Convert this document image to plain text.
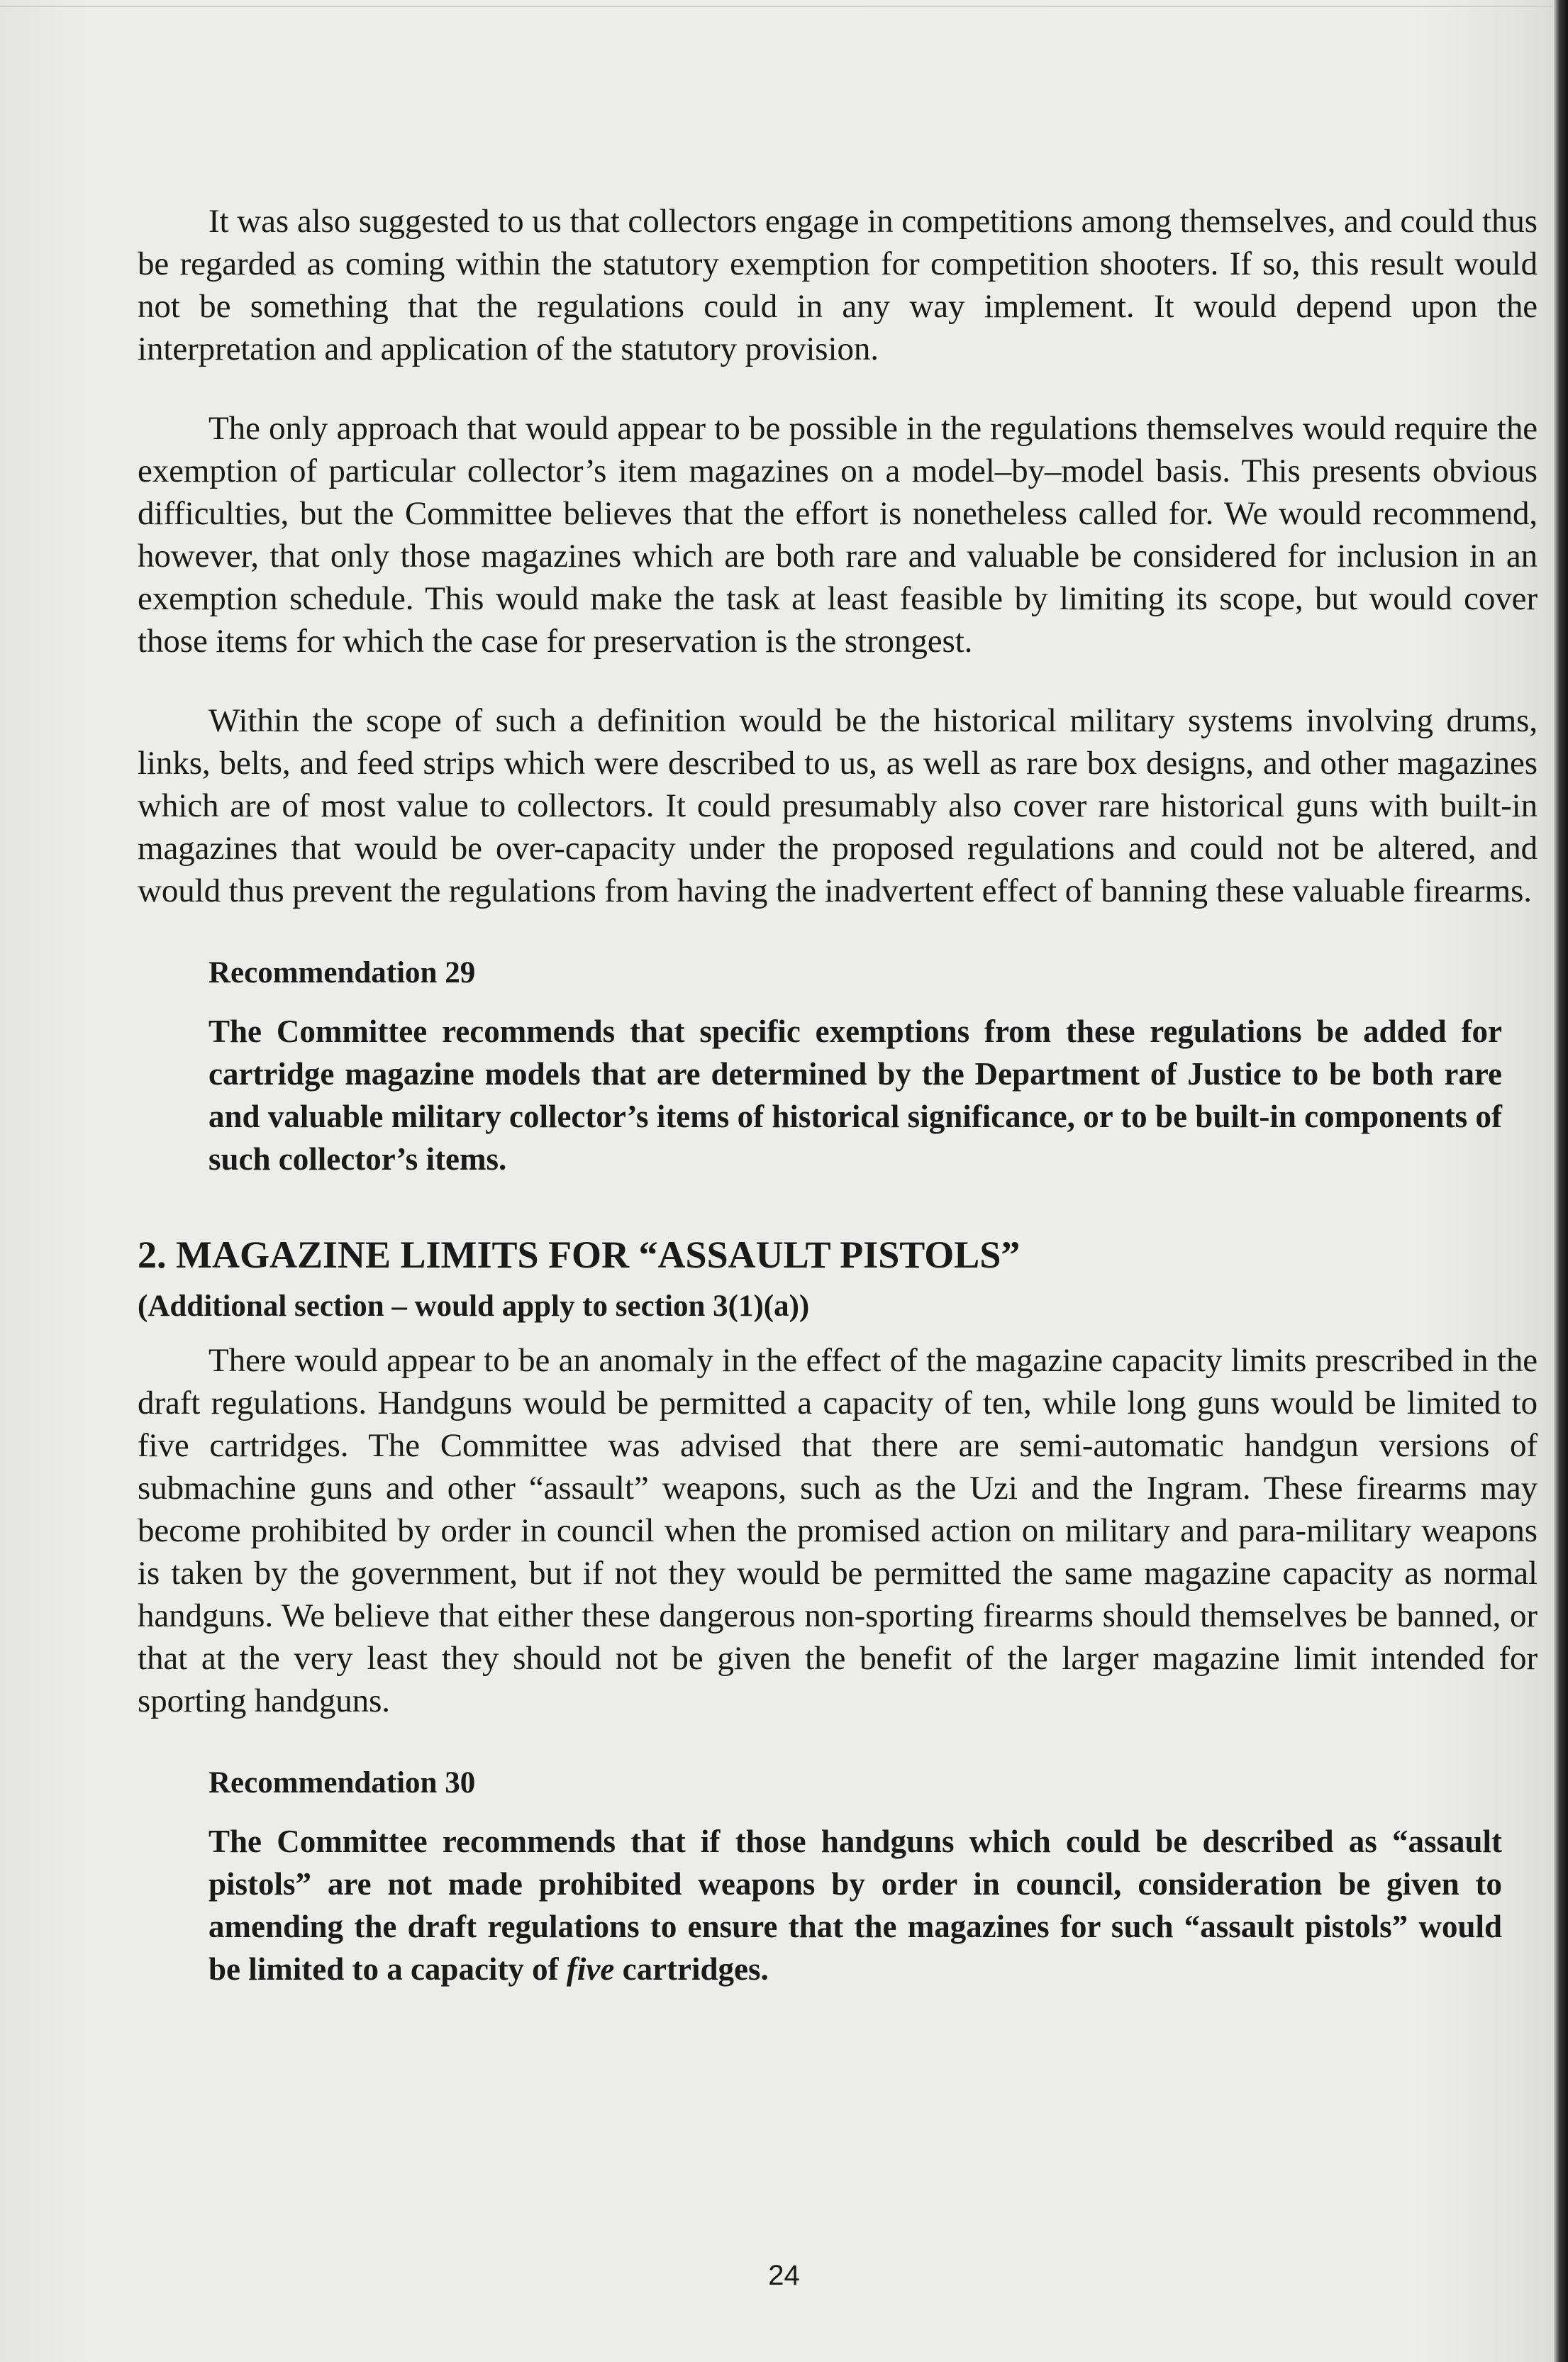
It was also suggested to us that collectors engage in competitions among themselves, and could thus be regarded as coming within the statutory exemption for competition shooters. If so, this result would not be something that the regulations could in any way implement. It would depend upon the interpretation and application of the statutory provision.

The only approach that would appear to be possible in the regulations themselves would require the exemption of particular collector’s item magazines on a model–by–model basis. This presents obvious difficulties, but the Committee believes that the effort is nonetheless called for. We would recommend, however, that only those magazines which are both rare and valuable be considered for inclusion in an exemption schedule. This would make the task at least feasible by limiting its scope, but would cover those items for which the case for preservation is the strongest.

Within the scope of such a definition would be the historical military systems involving drums, links, belts, and feed strips which were described to us, as well as rare box designs, and other magazines which are of most value to collectors. It could presumably also cover rare historical guns with built-in magazines that would be over-capacity under the proposed regulations and could not be altered, and would thus prevent the regulations from having the inadvertent effect of banning these valuable firearms.

Recommendation 29
The Committee recommends that specific exemptions from these regulations be added for cartridge magazine models that are determined by the Department of Justice to be both rare and valuable military collector’s items of historical significance, or to be built-in components of such collector’s items.
2. MAGAZINE LIMITS FOR “ASSAULT PISTOLS”
(Additional section – would apply to section 3(1)(a))

There would appear to be an anomaly in the effect of the magazine capacity limits prescribed in the draft regulations. Handguns would be permitted a capacity of ten, while long guns would be limited to five cartridges. The Committee was advised that there are semi-automatic handgun versions of submachine guns and other “assault” weapons, such as the Uzi and the Ingram. These firearms may become prohibited by order in council when the promised action on military and para-military weapons is taken by the government, but if not they would be permitted the same magazine capacity as normal handguns. We believe that either these dangerous non-sporting firearms should themselves be banned, or that at the very least they should not be given the benefit of the larger magazine limit intended for sporting handguns.

Recommendation 30
The Committee recommends that if those handguns which could be described as “assault pistols” are not made prohibited weapons by order in council, consideration be given to amending the draft regulations to ensure that the magazines for such “assault pistols” would be limited to a capacity of five cartridges.
24
